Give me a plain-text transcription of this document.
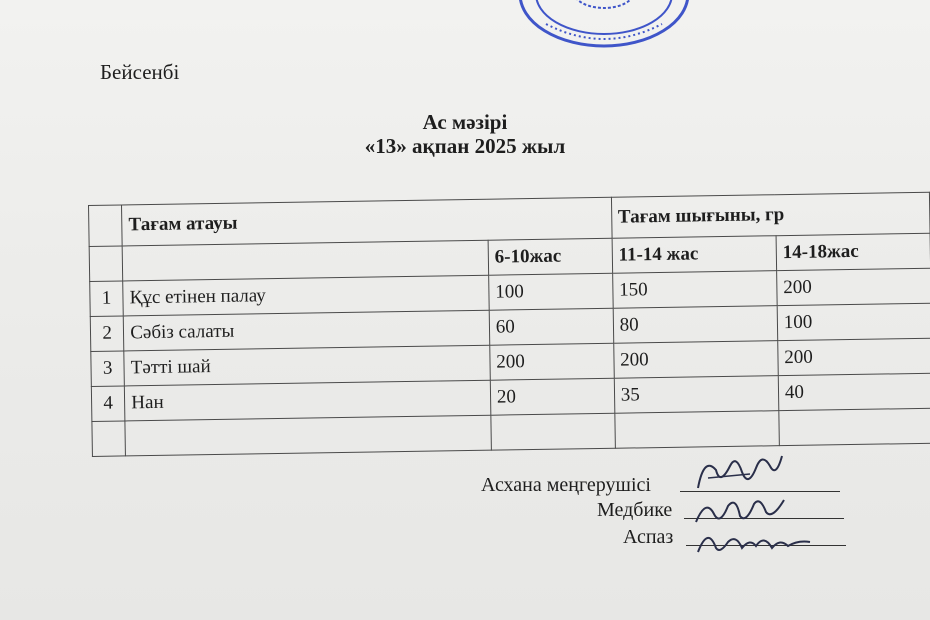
Бейсенбі
Ас мәзірі
«13» ақпан 2025 жыл
	Тағам атауы		Тағам шығыны, гр	
		6-10жас	11-14 жас	14-18жас
1	Құс етінен палау	100	150	200
2	Сәбіз салаты	60	80	100
3	Тәтті шай	200	200	200
4	Нан	20	35	40

Асхана меңгерушісі
Медбике
Аспаз
